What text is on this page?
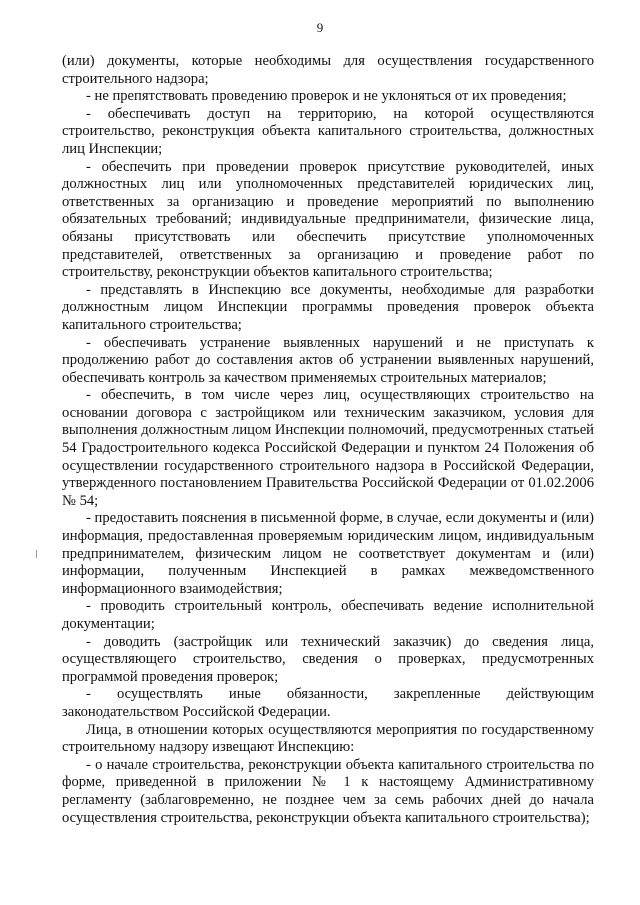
9

(или) документы, которые необходимы для осуществления государственного строительного надзора;

- не препятствовать проведению проверок и не уклоняться от их проведения;

- обеспечивать доступ на территорию, на которой осуществляются строительство, реконструкция объекта капитального строительства, должностных лиц Инспекции;

- обеспечить при проведении проверок присутствие руководителей, иных должностных лиц или уполномоченных представителей юридических лиц, ответственных за организацию и проведение мероприятий по выполнению обязательных требований; индивидуальные предприниматели, физические лица, обязаны присутствовать или обеспечить присутствие уполномоченных представителей, ответственных за организацию и проведение работ по строительству, реконструкции объектов капитального строительства;

- представлять в Инспекцию все документы, необходимые для разработки должностным лицом Инспекции программы проведения проверок объекта капитального строительства;

- обеспечивать устранение выявленных нарушений и не приступать к продолжению работ до составления актов об устранении выявленных нарушений, обеспечивать контроль за качеством применяемых строительных материалов;

- обеспечить, в том числе через лиц, осуществляющих строительство на основании договора с застройщиком или техническим заказчиком, условия для выполнения должностным лицом Инспекции полномочий, предусмотренных статьей 54 Градостроительного кодекса Российской Федерации и пунктом 24 Положения об осуществлении государственного строительного надзора в Российской Федерации, утвержденного постановлением Правительства Российской Федерации от 01.02.2006 № 54;

- предоставить пояснения в письменной форме, в случае, если документы и (или) информация, предоставленная проверяемым юридическим лицом, индивидуальным предпринимателем, физическим лицом не соответствует документам и (или) информации, полученным Инспекцией в рамках межведомственного информационного взаимодействия;

- проводить строительный контроль, обеспечивать ведение исполнительной документации;

- доводить (застройщик или технический заказчик) до сведения лица, осуществляющего строительство, сведения о проверках, предусмотренных программой проведения проверок;

- осуществлять иные обязанности, закрепленные действующим законодательством Российской Федерации.

Лица, в отношении которых осуществляются мероприятия по государственному строительному надзору извещают Инспекцию:

- о начале строительства, реконструкции объекта капитального строительства по форме, приведенной в приложении № 1 к настоящему Административному регламенту (заблаговременно, не позднее чем за семь рабочих дней до начала осуществления строительства, реконструкции объекта капитального строительства);
